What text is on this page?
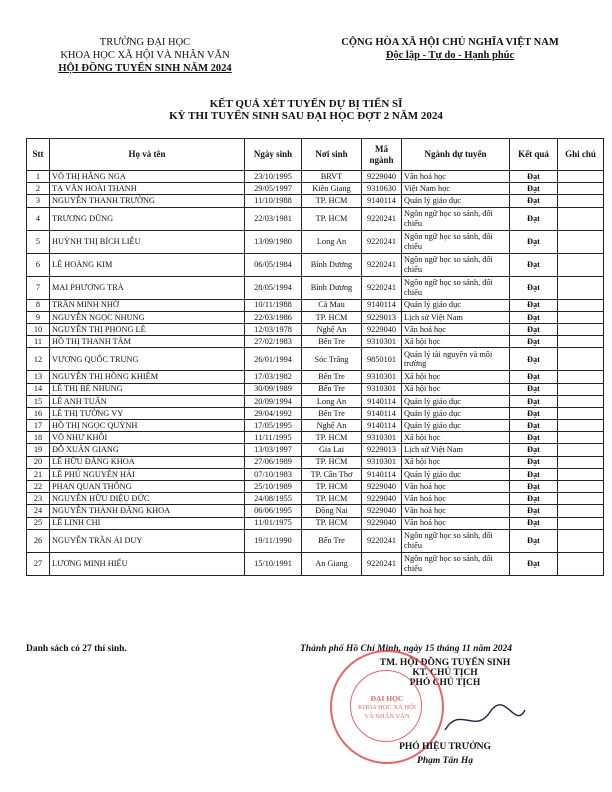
TRƯỜNG ĐẠI HỌC
KHOA HỌC XÃ HỘI VÀ NHÂN VĂN
HỘI ĐỒNG TUYỂN SINH NĂM 2024
CỘNG HÒA XÃ HỘI CHỦ NGHĨA VIỆT NAM
Độc lập - Tự do - Hạnh phúc
KẾT QUẢ XÉT TUYỂN DỰ BỊ TIẾN SĨ
KỲ THI TUYỂN SINH SAU ĐẠI HỌC ĐỢT 2 NĂM 2024
Stt	Họ và tên	Ngày sinh	Nơi sinh	Mã ngành	Ngành dự tuyển	Kết quả	Ghi chú
1	VÕ THỊ HẰNG NGA	23/10/1995	BRVT	9229040	Văn hoá học	Đạt	
2	TẠ VĂN HOÀI THANH	29/05/1997	Kiên Giang	9310630	Việt Nam học	Đạt	
3	NGUYỄN THANH TRƯỜNG	11/10/1988	TP. HCM	9140114	Quản lý giáo dục	Đạt	
4	TRƯƠNG DŨNG	22/03/1981	TP. HCM	9220241	Ngôn ngữ học so sánh, đối chiếu	Đạt	
5	HUỲNH THỊ BÍCH LIỄU	13/09/1980	Long An	9220241	Ngôn ngữ học so sánh, đối chiếu	Đạt	
6	LÊ HOÀNG KIM	06/05/1984	Bình Dương	9220241	Ngôn ngữ học so sánh, đối chiếu	Đạt	
7	MAI PHƯƠNG TRÀ	28/05/1994	Bình Dương	9220241	Ngôn ngữ học so sánh, đối chiếu	Đạt	
8	TRẦN MINH NHỚ	10/11/1988	Cà Mau	9140114	Quản lý giáo dục	Đạt	
9	NGUYỄN NGỌC NHUNG	22/03/1986	TP. HCM	9229013	Lịch sử Việt Nam	Đạt	
10	NGUYỄN THỊ PHONG LÊ	12/03/1978	Nghệ An	9229040	Văn hoá học	Đạt	
11	HỒ THỊ THANH TÂM	27/02/1983	Bến Tre	9310301	Xã hội học	Đạt	
12	VƯƠNG QUỐC TRUNG	26/01/1994	Sóc Trăng	9850101	Quản lý tài nguyên và môi trường	Đạt	
13	NGUYỄN THỊ HỒNG KHIÊM	17/03/1982	Bến Tre	9310301	Xã hội học	Đạt	
14	LÊ THỊ BÉ NHUNG	30/09/1989	Bến Tre	9310301	Xã hội học	Đạt	
15	LÊ ANH TUẤN	20/09/1994	Long An	9140114	Quản lý giáo dục	Đạt	
16	LÊ THỊ TƯỜNG VY	29/04/1992	Bến Tre	9140114	Quản lý giáo dục	Đạt	
17	HỒ THỊ NGỌC QUỲNH	17/05/1995	Nghệ An	9140114	Quản lý giáo dục	Đạt	
18	VÕ NHƯ KHÔI	11/11/1995	TP. HCM	9310301	Xã hội học	Đạt	
19	ĐỖ XUÂN GIANG	13/03/1997	Gia Lai	9229013	Lịch sử Việt Nam	Đạt	
20	LÊ HỮU ĐĂNG KHOA	27/06/1989	TP. HCM	9310301	Xã hội học	Đạt	
21	LÊ PHÚ NGUYÊN HẢI	07/10/1983	TP. Cần Thơ	9140114	Quản lý giáo dục	Đạt	
22	PHAN QUAN THÔNG	25/10/1989	TP. HCM	9229040	Văn hoá học	Đạt	
23	NGUYỄN HỮU DIỆU ĐỨC	24/08/1955	TP. HCM	9229040	Văn hoá học	Đạt	
24	NGUYỄN THÀNH ĐĂNG KHOA	06/06/1995	Đồng Nai	9229040	Văn hoá học	Đạt	
25	LÊ LINH CHI	11/01/1975	TP. HCM	9229040	Văn hoá học	Đạt	
26	NGUYỄN TRẦN ÁI DUY	19/11/1990	Bến Tre	9220241	Ngôn ngữ học so sánh, đối chiếu	Đạt	
27	LƯƠNG MINH HIẾU	15/10/1991	An Giang	9220241	Ngôn ngữ học so sánh, đối chiếu	Đạt	
Danh sách có 27 thí sinh.	Thành phố Hồ Chí Minh, ngày 15 tháng 11 năm 2024
TM. HỘI ĐỒNG TUYỂN SINH
KT. CHỦ TỊCH
PHÓ CHỦ TỊCH
ĐẠI HỌC
KHOA HỌC XÃ HỘI
VÀ NHÂN VĂN
PHÓ HIỆU TRƯỞNG
Phạm Tấn Hạ
